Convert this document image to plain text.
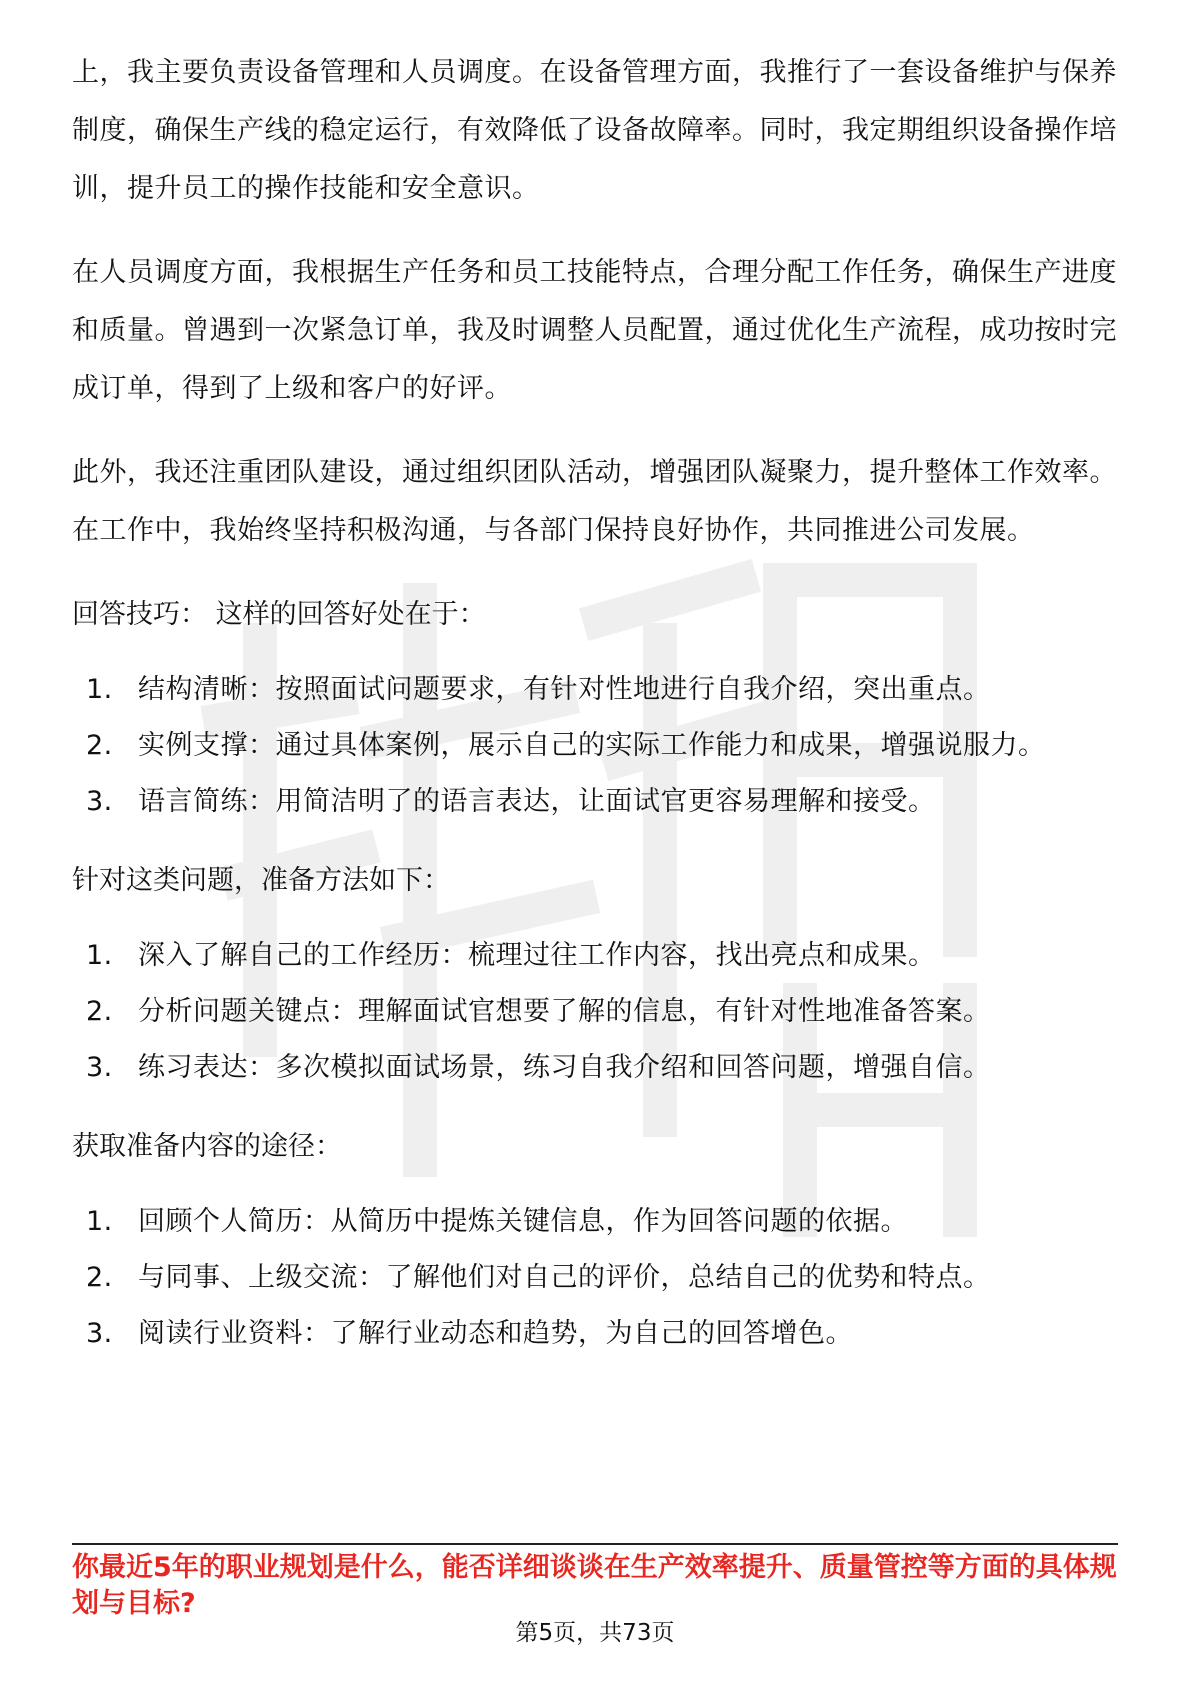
上，我主要负责设备管理和人员调度。在设备管理方面，我推行了一套设备维护与保养制度，确保生产线的稳定运行，有效降低了设备故障率。同时，我定期组织设备操作培训，提升员工的操作技能和安全意识。

在人员调度方面，我根据生产任务和员工技能特点，合理分配工作任务，确保生产进度和质量。曾遇到一次紧急订单，我及时调整人员配置，通过优化生产流程，成功按时完成订单，得到了上级和客户的好评。

此外，我还注重团队建设，通过组织团队活动，增强团队凝聚力，提升整体工作效率。在工作中，我始终坚持积极沟通，与各部门保持良好协作，共同推进公司发展。

回答技巧： 这样的回答好处在于：

1. 结构清晰：按照面试问题要求，有针对性地进行自我介绍，突出重点。
2. 实例支撑：通过具体案例，展示自己的实际工作能力和成果，增强说服力。
3. 语言简练：用简洁明了的语言表达，让面试官更容易理解和接受。

针对这类问题，准备方法如下：

1. 深入了解自己的工作经历：梳理过往工作内容，找出亮点和成果。
2. 分析问题关键点：理解面试官想要了解的信息，有针对性地准备答案。
3. 练习表达：多次模拟面试场景，练习自我介绍和回答问题，增强自信。

获取准备内容的途径：

1. 回顾个人简历：从简历中提炼关键信息，作为回答问题的依据。
2. 与同事、上级交流：了解他们对自己的评价，总结自己的优势和特点。
3. 阅读行业资料：了解行业动态和趋势，为自己的回答增色。
你最近5年的职业规划是什么，能否详细谈谈在生产效率提升、质量管控等方面的具体规划与目标?
第5页，共73页
